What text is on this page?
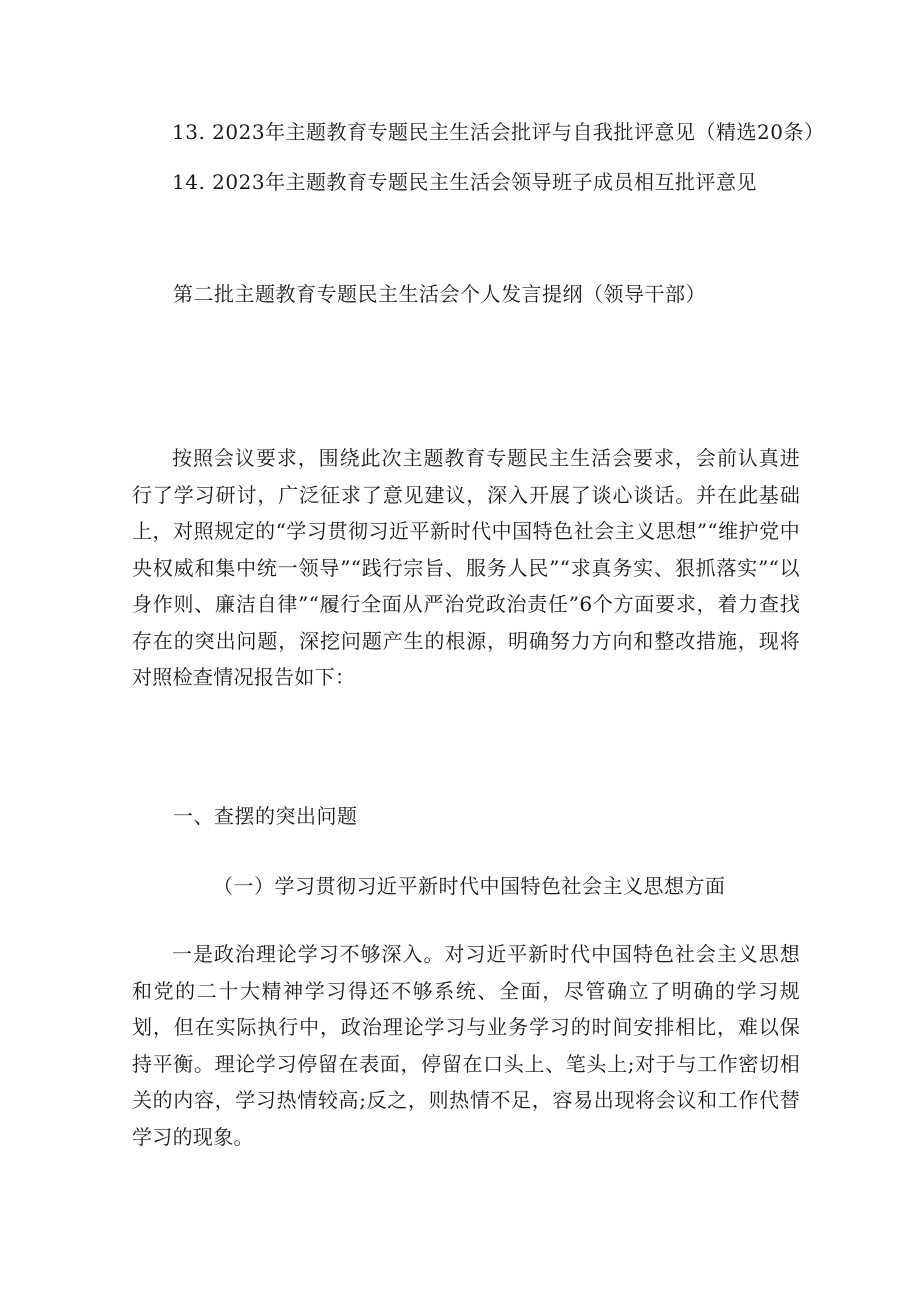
13. 2023年主题教育专题民主生活会批评与自我批评意见（精选20条）
14. 2023年主题教育专题民主生活会领导班子成员相互批评意见
第二批主题教育专题民主生活会个人发言提纲（领导干部）

按照会议要求，围绕此次主题教育专题民主生活会要求，会前认真进行了学习研讨，广泛征求了意见建议，深入开展了谈心谈话。并在此基础上，对照规定的“学习贯彻习近平新时代中国特色社会主义思想”“维护党中央权威和集中统一领导”“践行宗旨、服务人民”“求真务实、狠抓落实”“以身作则、廉洁自律”“履行全面从严治党政治责任”6个方面要求，着力查找存在的突出问题，深挖问题产生的根源，明确努力方向和整改措施，现将对照检查情况报告如下：

一、查摆的突出问题
（一）学习贯彻习近平新时代中国特色社会主义思想方面

一是政治理论学习不够深入。对习近平新时代中国特色社会主义思想和党的二十大精神学习得还不够系统、全面，尽管确立了明确的学习规划，但在实际执行中，政治理论学习与业务学习的时间安排相比，难以保持平衡。理论学习停留在表面，停留在口头上、笔头上;对于与工作密切相关的内容，学习热情较高;反之，则热情不足，容易出现将会议和工作代替学习的现象。
